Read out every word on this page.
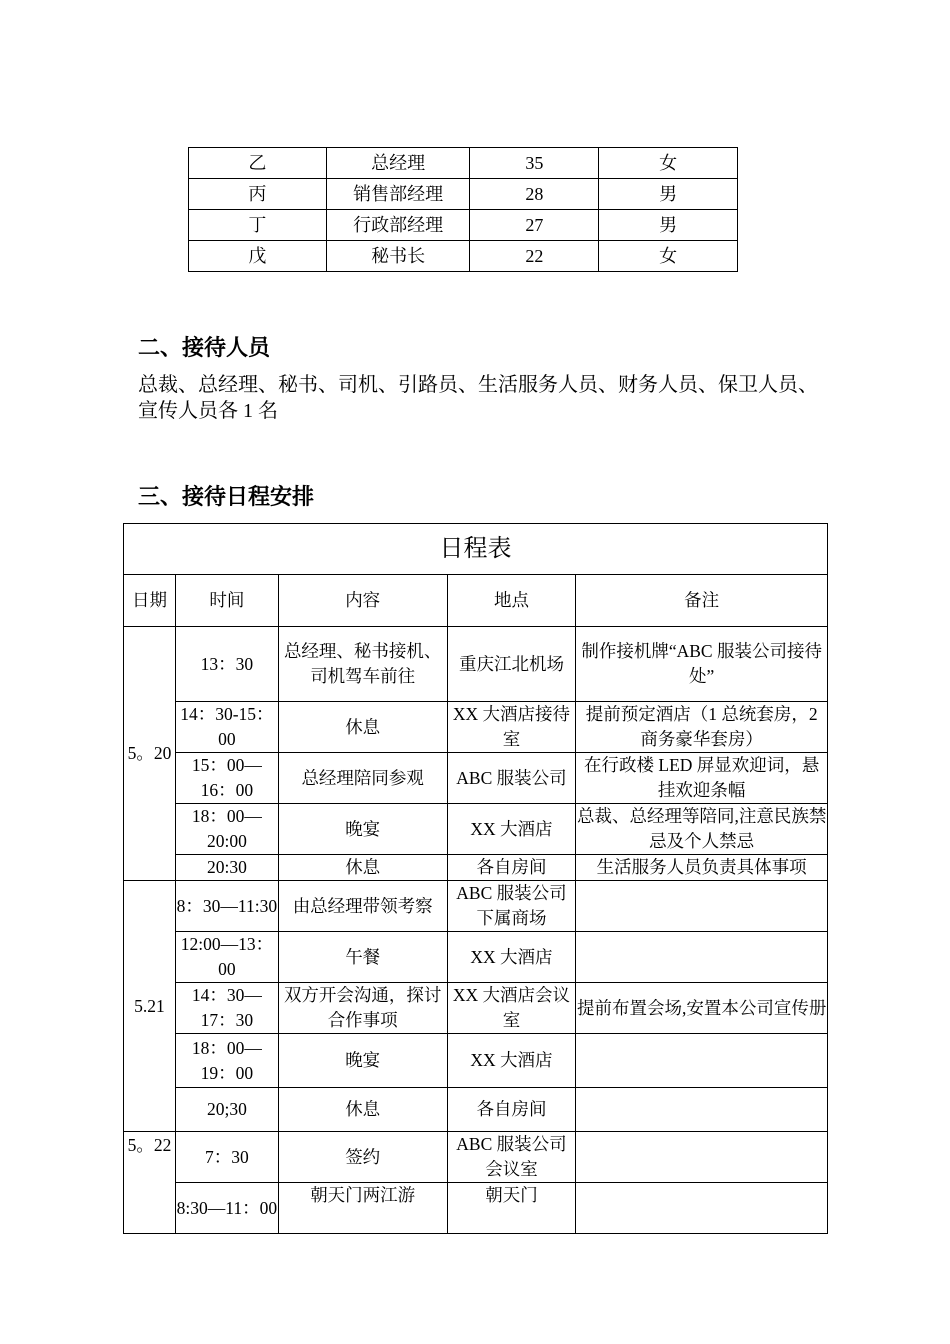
乙	总经理	35	女
丙	销售部经理	28	男
丁	行政部经理	27	男
戊	秘书长	22	女
二、接待人员

总裁、总经理、秘书、司机、引路员、生活服务人员、财务人员、保卫人员、宣传人员各 1 名

三、接待日程安排
日程表				
日期	时间	内容	地点	备注
5。20	13：30	总经理、秘书接机、司机驾车前往	重庆江北机场	制作接机牌“ABC 服装公司接待处”
	14：30-15：00	休息	XX 大酒店接待室	提前预定酒店（1 总统套房，2 商务豪华套房）
	15：00—16：00	总经理陪同参观	ABC 服装公司	在行政楼 LED 屏显欢迎词，悬挂欢迎条幅
	18：00—20:00	晚宴	XX 大酒店	总裁、总经理等陪同,注意民族禁忌及个人禁忌
	20:30	休息	各自房间	生活服务人员负责具体事项
5.21	8：30—11:30	由总经理带领考察	ABC 服装公司下属商场	
	12:00—13：00	午餐	XX 大酒店	
	14：30—17：30	双方开会沟通，探讨合作事项	XX 大酒店会议室	提前布置会场,安置本公司宣传册
	18：00—19：00	晚宴	XX 大酒店	
	20;30	休息	各自房间	
5。22	7：30	签约	ABC 服装公司会议室	
	8:30—11：00	朝天门两江游	朝天门	
